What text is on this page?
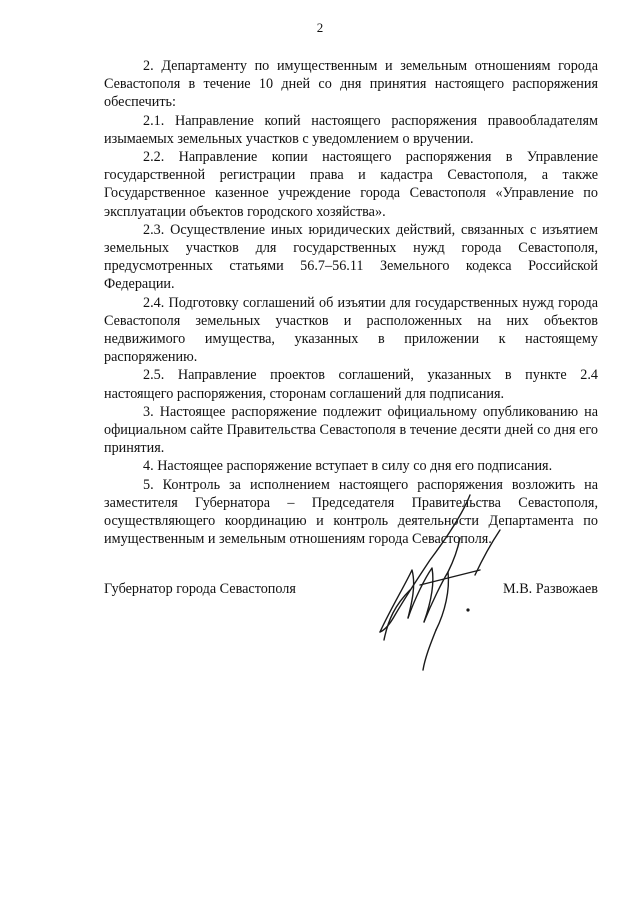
2

2. Департаменту по имущественным и земельным отношениям города Севастополя в течение 10 дней со дня принятия настоящего распоряжения обеспечить:

2.1. Направление копий настоящего распоряжения правообладателям изымаемых земельных участков с уведомлением о вручении.

2.2. Направление копии настоящего распоряжения в Управление государственной регистрации права и кадастра Севастополя, а также Государственное казенное учреждение города Севастополя «Управление по эксплуатации объектов городского хозяйства».

2.3. Осуществление иных юридических действий, связанных с изъятием земельных участков для государственных нужд города Севастополя, предусмотренных статьями 56.7–56.11 Земельного кодекса Российской Федерации.

2.4. Подготовку соглашений об изъятии для государственных нужд города Севастополя земельных участков и расположенных на них объектов недвижимого имущества, указанных в приложении к настоящему распоряжению.

2.5. Направление проектов соглашений, указанных в пункте 2.4 настоящего распоряжения, сторонам соглашений для подписания.

3. Настоящее распоряжение подлежит официальному опубликованию на официальном сайте Правительства Севастополя в течение десяти дней со дня его принятия.

4. Настоящее распоряжение вступает в силу со дня его подписания.

5. Контроль за исполнением настоящего распоряжения возложить на заместителя Губернатора – Председателя Правительства Севастополя, осуществляющего координацию и контроль деятельности Департамента по имущественным и земельным отношениям города Севастополя.

Губернатор города Севастополя	М.В. Развожаев
